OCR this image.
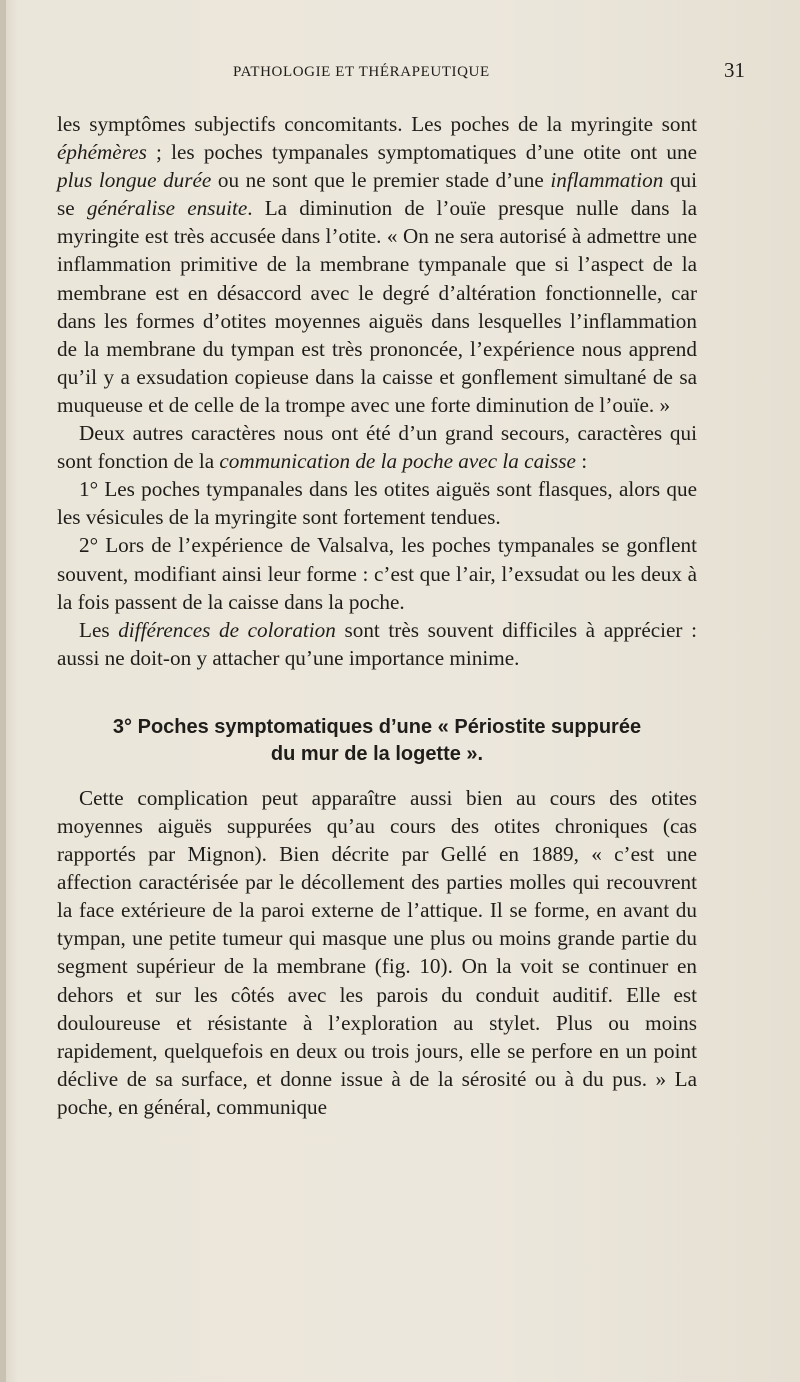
PATHOLOGIE ET THÉRAPEUTIQUE	31

les symptômes subjectifs concomitants. Les poches de la myringite sont éphémères ; les poches tympanales symptomatiques d’une otite ont une plus longue durée ou ne sont que le premier stade d’une inflammation qui se généralise ensuite. La diminution de l’ouïe presque nulle dans la myringite est très accusée dans l’otite. « On ne sera autorisé à admettre une inflammation primitive de la membrane tympanale que si l’aspect de la membrane est en désaccord avec le degré d’altération fonctionnelle, car dans les formes d’otites moyennes aiguës dans lesquelles l’inflammation de la membrane du tympan est très prononcée, l’expérience nous apprend qu’il y a exsudation copieuse dans la caisse et gonflement simultané de sa muqueuse et de celle de la trompe avec une forte diminution de l’ouïe. »

Deux autres caractères nous ont été d’un grand secours, caractères qui sont fonction de la communication de la poche avec la caisse :

1° Les poches tympanales dans les otites aiguës sont flasques, alors que les vésicules de la myringite sont fortement tendues.

2° Lors de l’expérience de Valsalva, les poches tympanales se gonflent souvent, modifiant ainsi leur forme : c’est que l’air, l’exsudat ou les deux à la fois passent de la caisse dans la poche.

Les différences de coloration sont très souvent difficiles à apprécier : aussi ne doit-on y attacher qu’une importance minime.

3° Poches symptomatiques d’une « Périostite suppurée
du mur de la logette ».

Cette complication peut apparaître aussi bien au cours des otites moyennes aiguës suppurées qu’au cours des otites chroniques (cas rapportés par Mignon). Bien décrite par Gellé en 1889, « c’est une affection caractérisée par le décollement des parties molles qui recouvrent la face extérieure de la paroi externe de l’attique. Il se forme, en avant du tympan, une petite tumeur qui masque une plus ou moins grande partie du segment supérieur de la membrane (fig. 10). On la voit se continuer en dehors et sur les côtés avec les parois du conduit auditif. Elle est douloureuse et résistante à l’exploration au stylet. Plus ou moins rapidement, quelquefois en deux ou trois jours, elle se perfore en un point déclive de sa surface, et donne issue à de la sérosité ou à du pus. » La poche, en général, communique
